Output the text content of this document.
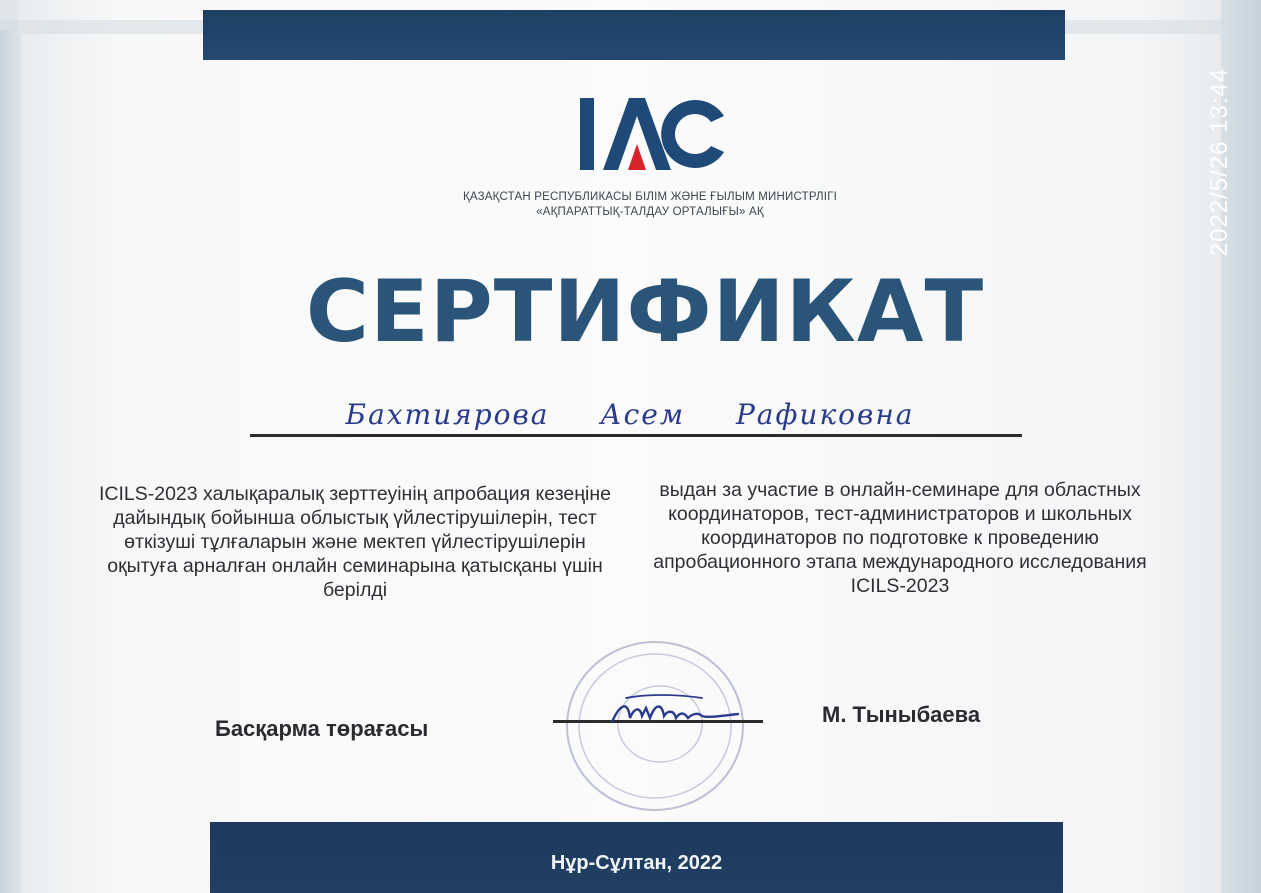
ҚАЗАҚСТАН РЕСПУБЛИКАСЫ БІЛІМ ЖӘНЕ ҒЫЛЫМ МИНИСТРЛІГІ
«АҚПАРАТТЫҚ-ТАЛДАУ ОРТАЛЫҒЫ» АҚ
СЕРТИФИКАТ
Бахтиярова Асем Рафиковна
ICILS-2023 халықаралық зерттеуінің апробация кезеңіне дайындық бойынша облыстық үйлестірушілерін, тест өткізуші тұлғаларын және мектеп үйлестірушілерін оқытуға арналған онлайн семинарына қатысқаны үшін берілді
выдан за участие в онлайн-семинаре для областных координаторов, тест-администраторов и школьных координаторов по подготовке к проведению апробационного этапа международного исследования ICILS-2023
Басқарма төрағасы
М. Тыныбаева
Нұр-Сұлтан, 2022
2022/5/26 13:44
